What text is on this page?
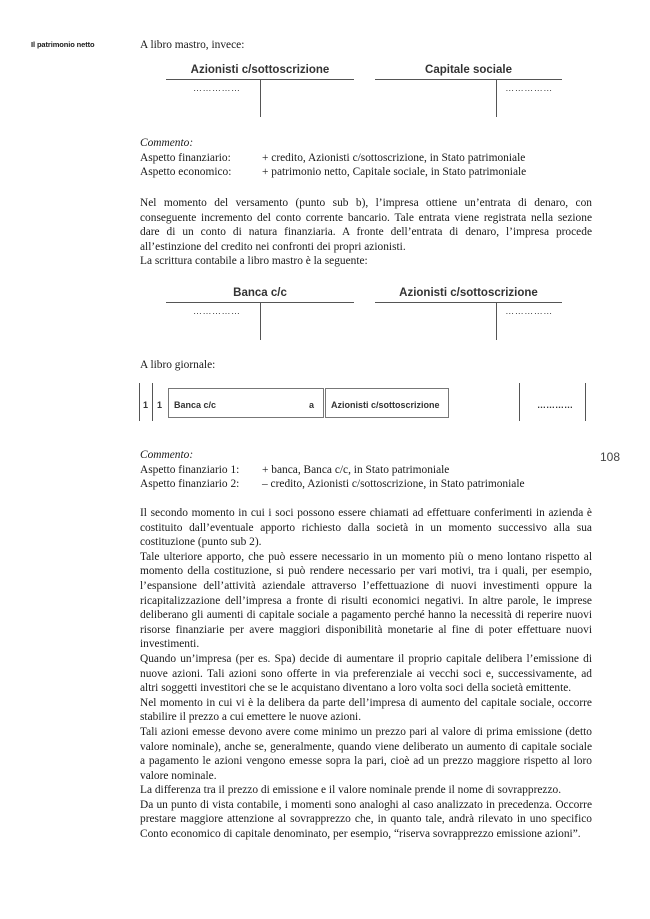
Il patrimonio netto
108
A libro mastro, invece:
Azionisti c/sottoscrizione
……………
Capitale sociale
……………
Commento:
Aspetto finanziario:	+ credito, Azionisti c/sottoscrizione, in Stato patrimoniale
Aspetto economico:	+ patrimonio netto, Capitale sociale, in Stato patrimoniale

Nel momento del versamento (punto sub b), l’impresa ottiene un’entrata di denaro, con conseguente incremento del conto corrente bancario. Tale entrata viene registrata nella sezione dare di un conto di natura finanziaria. A fronte dell’entrata di denaro, l’impresa procede all’estinzione del credito nei confronti dei propri azionisti.

La scrittura contabile a libro mastro è la seguente:

Banca c/c
……………
Azionisti c/sottoscrizione
……………
A libro giornale:
1 1 Banca c/c	a Azionisti c/sottoscrizione	…………
Commento:
Aspetto finanziario 1:	+ banca, Banca c/c, in Stato patrimoniale
Aspetto finanziario 2:	– credito, Azionisti c/sottoscrizione, in Stato patrimoniale

Il secondo momento in cui i soci possono essere chiamati ad effettuare conferimenti in azienda è costituito dall’eventuale apporto richiesto dalla società in un momento successivo alla sua costituzione (punto sub 2).

Tale ulteriore apporto, che può essere necessario in un momento più o meno lontano rispetto al momento della costituzione, si può rendere necessario per vari motivi, tra i quali, per esempio, l’espansione dell’attività aziendale attraverso l’effettuazione di nuovi investimenti oppure la ricapitalizzazione dell’impresa a fronte di risulti economici negativi. In altre parole, le imprese deliberano gli aumenti di capitale sociale a pagamento perché hanno la necessità di reperire nuovi risorse finanziarie per avere maggiori disponibilità monetarie al fine di poter effettuare nuovi investimenti.

Quando un’impresa (per es. Spa) decide di aumentare il proprio capitale delibera l’emissione di nuove azioni. Tali azioni sono offerte in via preferenziale ai vecchi soci e, successivamente, ad altri soggetti investitori che se le acquistano diventano a loro volta soci della società emittente.

Nel momento in cui vi è la delibera da parte dell’impresa di aumento del capitale sociale, occorre stabilire il prezzo a cui emettere le nuove azioni.

Tali azioni emesse devono avere come minimo un prezzo pari al valore di prima emissione (detto valore nominale), anche se, generalmente, quando viene deliberato un aumento di capitale sociale a pagamento le azioni vengono emesse sopra la pari, cioè ad un prezzo maggiore rispetto al loro valore nominale.

La differenza tra il prezzo di emissione e il valore nominale prende il nome di sovrapprezzo.

Da un punto di vista contabile, i momenti sono analoghi al caso analizzato in precedenza. Occorre prestare maggiore attenzione al sovrapprezzo che, in quanto tale, andrà rilevato in uno specifico Conto economico di capitale denominato, per esempio, “riserva sovrapprezzo emissione azioni”.
